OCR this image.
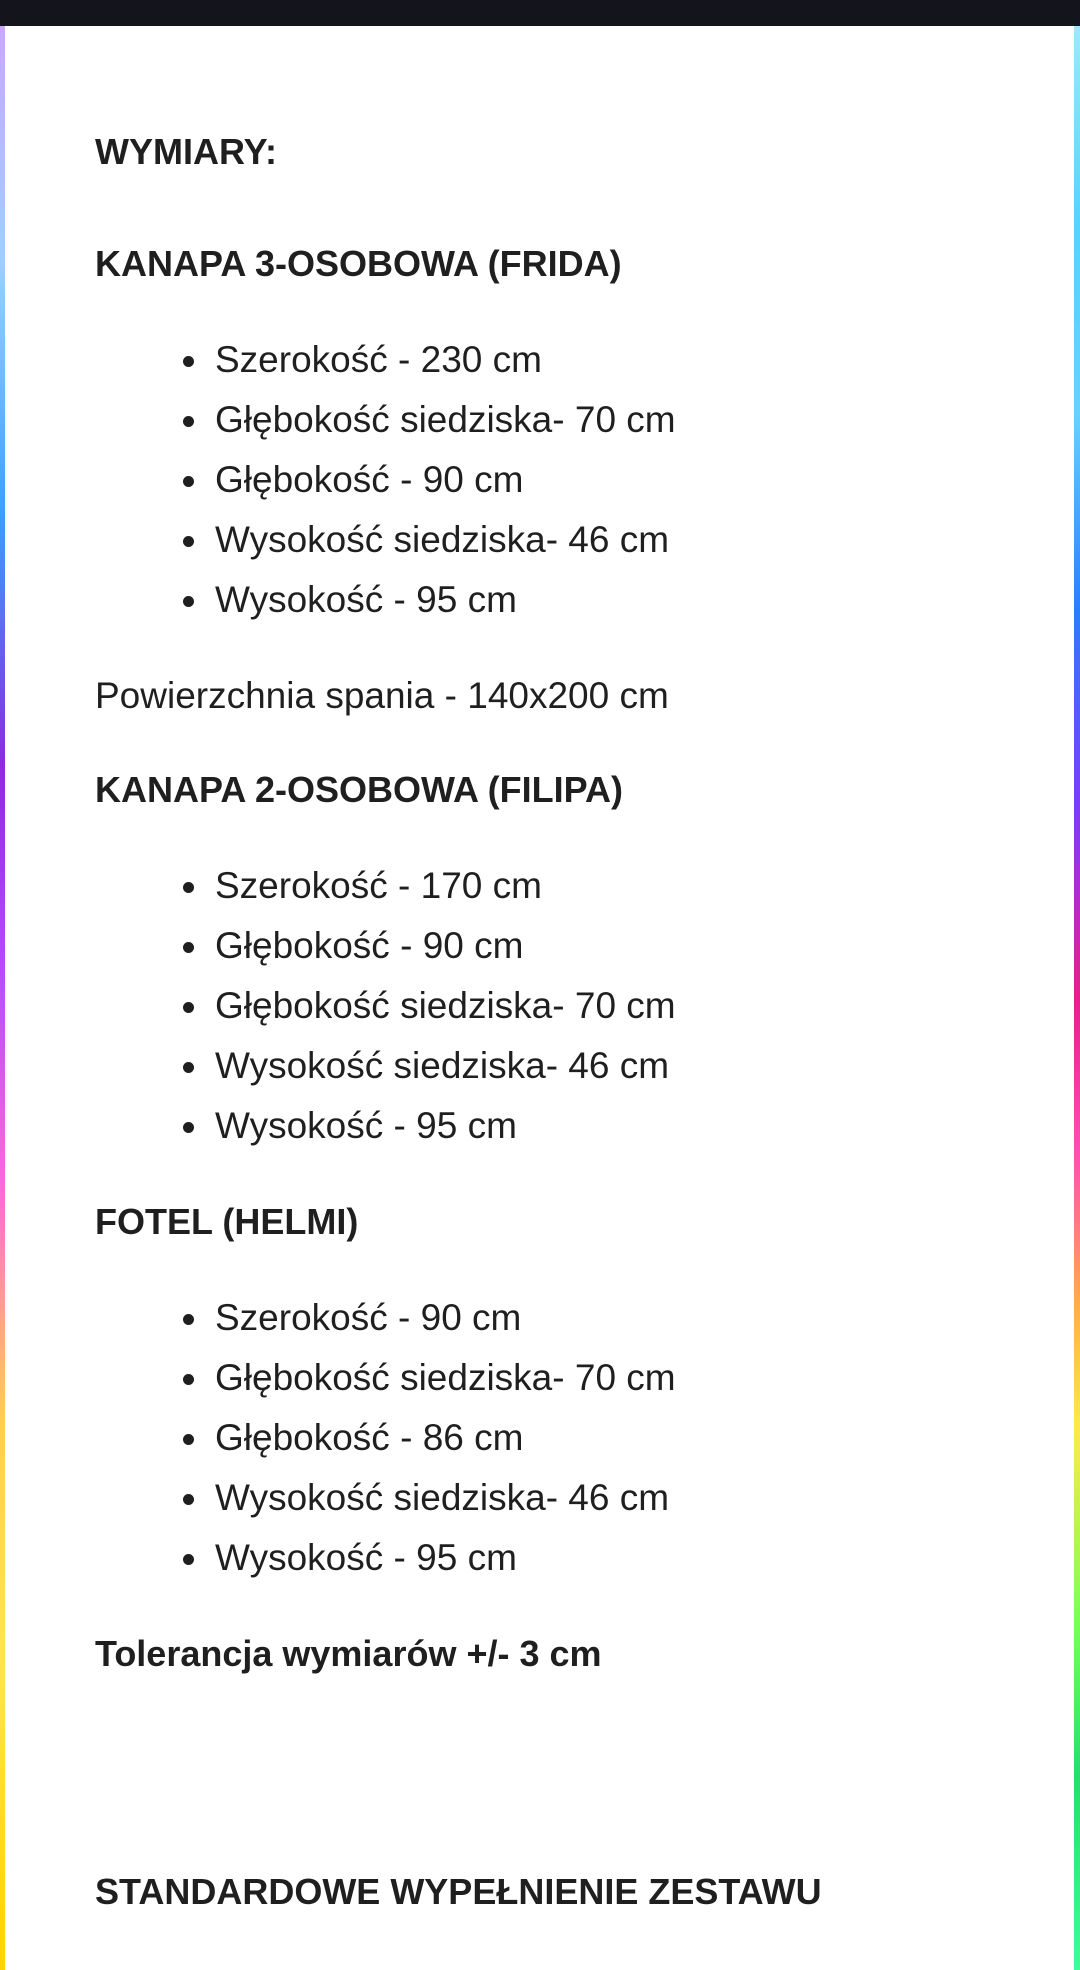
WYMIARY:
KANAPA 3-OSOBOWA (FRIDA)
Szerokość - 230 cm
Głębokość siedziska- 70 cm
Głębokość - 90 cm
Wysokość siedziska- 46 cm
Wysokość - 95 cm

Powierzchnia spania - 140x200 cm

KANAPA 2-OSOBOWA (FILIPA)
Szerokość - 170 cm
Głębokość - 90 cm
Głębokość siedziska- 70 cm
Wysokość siedziska- 46 cm
Wysokość - 95 cm
FOTEL (HELMI)
Szerokość - 90 cm
Głębokość siedziska- 70 cm
Głębokość - 86 cm
Wysokość siedziska- 46 cm
Wysokość - 95 cm
Tolerancja wymiarów +/- 3 cm
STANDARDOWE WYPEŁNIENIE ZESTAWU
